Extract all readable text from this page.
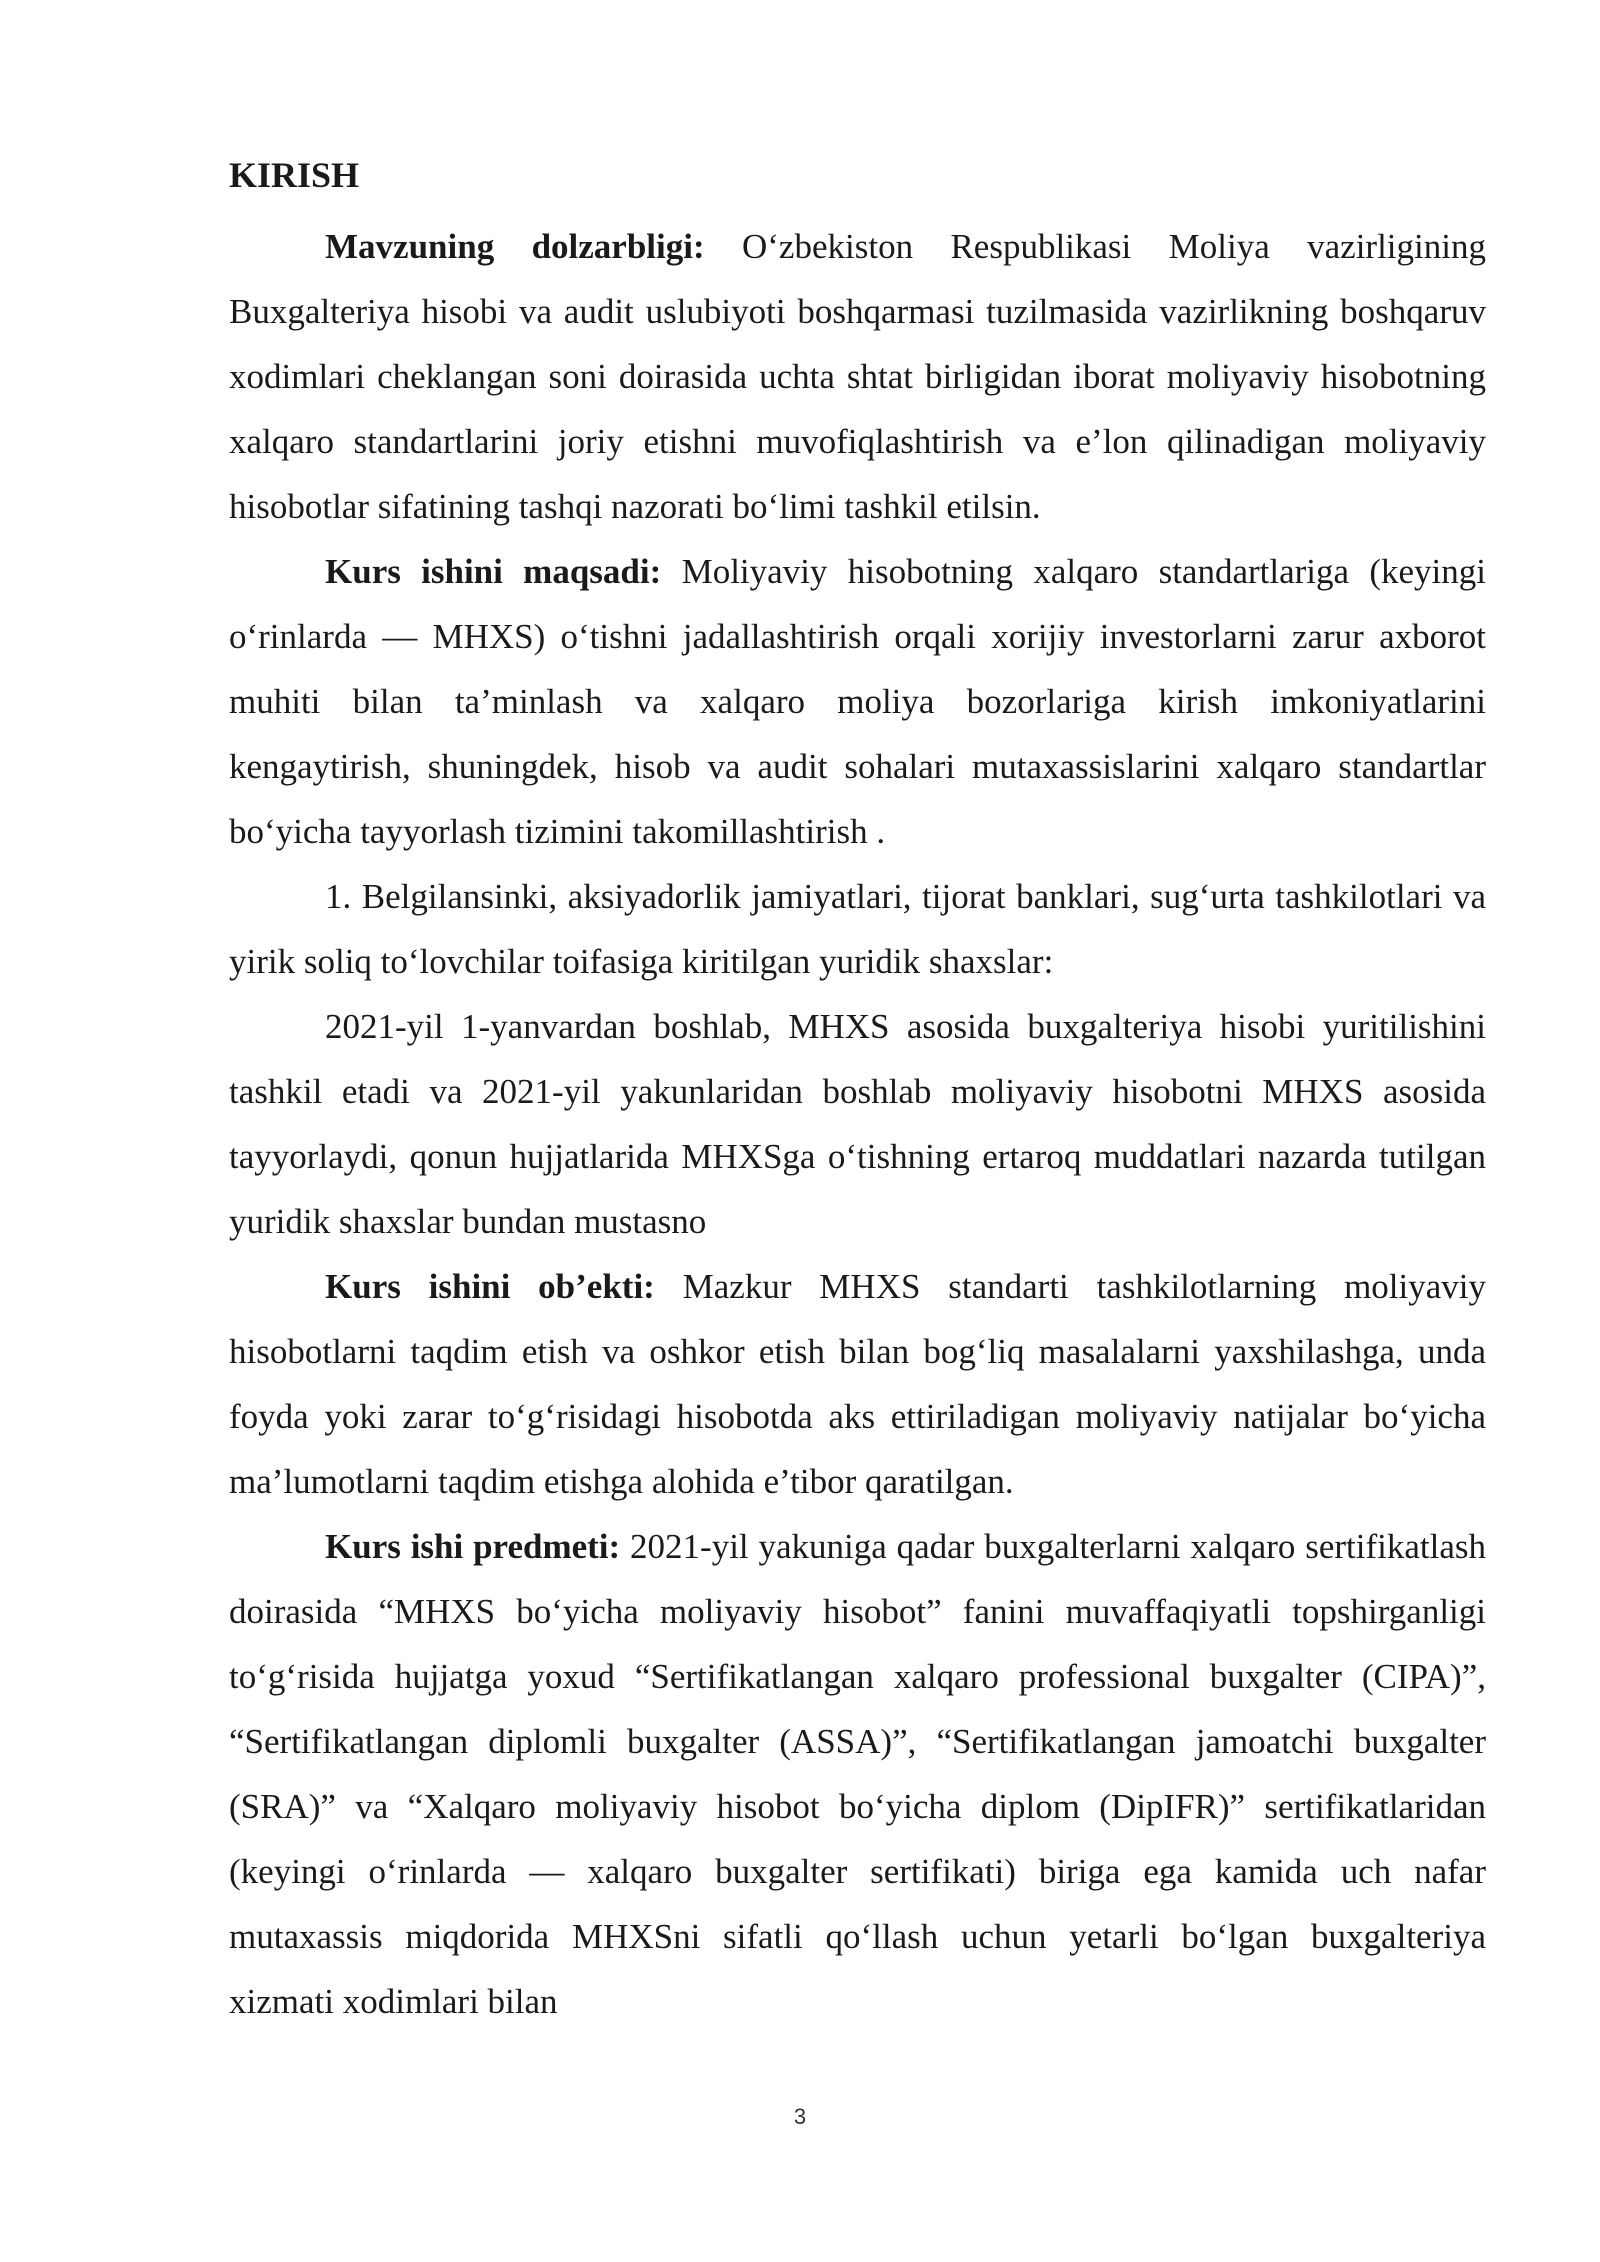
KIRISH

Mavzuning dolzarbligi: O‘zbekiston Respublikasi Moliya vazirligining Buxgalteriya hisobi va audit uslubiyoti boshqarmasi tuzilmasida vazirlikning boshqaruv xodimlari cheklangan soni doirasida uchta shtat birligidan iborat moliyaviy hisobotning xalqaro standartlarini joriy etishni muvofiqlashtirish va e’lon qilinadigan moliyaviy hisobotlar sifatining tashqi nazorati bo‘limi tashkil etilsin.

Kurs ishini maqsadi: Moliyaviy hisobotning xalqaro standartlariga (keyingi o‘rinlarda — MHXS) o‘tishni jadallashtirish orqali xorijiy investorlarni zarur axborot muhiti bilan ta’minlash va xalqaro moliya bozorlariga kirish imkoniyatlarini kengaytirish, shuningdek, hisob va audit sohalari mutaxassislarini xalqaro standartlar bo‘yicha tayyorlash tizimini takomillashtirish .

1. Belgilansinki, aksiyadorlik jamiyatlari, tijorat banklari, sug‘urta tashkilotlari va yirik soliq to‘lovchilar toifasiga kiritilgan yuridik shaxslar:

2021-yil 1-yanvardan boshlab, MHXS asosida buxgalteriya hisobi yuritilishini tashkil etadi va 2021-yil yakunlaridan boshlab moliyaviy hisobotni MHXS asosida tayyorlaydi, qonun hujjatlarida MHXSga o‘tishning ertaroq muddatlari nazarda tutilgan yuridik shaxslar bundan mustasno

Kurs ishini ob’ekti: Mazkur MHXS standarti tashkilotlarning moliyaviy hisobotlarni taqdim etish va oshkor etish bilan bog‘liq masalalarni yaxshilashga, unda foyda yoki zarar to‘g‘risidagi hisobotda aks ettiriladigan moliyaviy natijalar bo‘yicha ma’lumotlarni taqdim etishga alohida e’tibor qaratilgan.

Kurs ishi predmeti: 2021-yil yakuniga qadar buxgalterlarni xalqaro sertifikatlash doirasida “MHXS bo‘yicha moliyaviy hisobot” fanini muvaffaqiyatli topshirganligi to‘g‘risida hujjatga yoxud “Sertifikatlangan xalqaro professional buxgalter (CIPA)”, “Sertifikatlangan diplomli buxgalter (ASSA)”, “Sertifikatlangan jamoatchi buxgalter (SRA)” va “Xalqaro moliyaviy hisobot bo‘yicha diplom (DipIFR)” sertifikatlaridan (keyingi o‘rinlarda — xalqaro buxgalter sertifikati) biriga ega kamida uch nafar mutaxassis miqdorida MHXSni sifatli qo‘llash uchun yetarli bo‘lgan buxgalteriya xizmati xodimlari bilan

3
